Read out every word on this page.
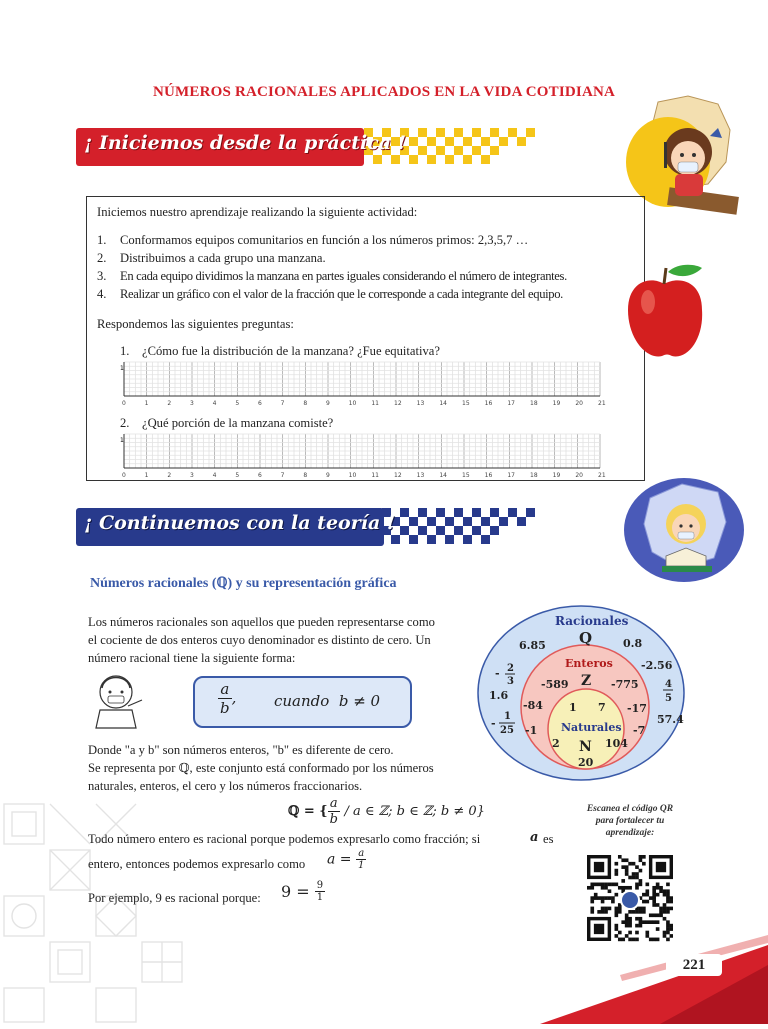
NÚMEROS RACIONALES APLICADOS EN LA VIDA COTIDIANA
¡ Iniciemos desde la práctica !
Iniciemos nuestro aprendizaje realizando la siguiente actividad:
1. Conformamos equipos comunitarios en función a los números primos: 2,3,5,7 …
2. Distribuimos a cada grupo una manzana.
3. En cada equipo dividimos la manzana en partes iguales considerando el número de integrantes.
4. Realizar un gráfico con el valor de la fracción que le corresponde a cada integrante del equipo.
Respondemos las siguientes preguntas:
1. ¿Cómo fue la distribución de la manzana? ¿Fue equitativa?
1
0	1	2	3	4	5	6	7	8	9	10	11	12	13	14	15	16	17	18	19	20	21
2. ¿Qué porción de la manzana comiste?
1
0	1	2	3	4	5	6	7	8	9	10	11	12	13	14	15	16	17	18	19	20	21
¡ Continuemos con la teoría !
Números racionales (ℚ) y su representación gráfica
Los números racionales son aquellos que pueden representarse como
el cociente de dos enteros cuyo denominador es distinto de cero. Un
número racional tiene la siguiente forma:
$\frac{a}{b}$ ,	cuando  b ≠ 0
Donde "a y b" son números enteros, "b" es diferente de cero.
Se representa por ℚ, este conjunto está conformado por los números
naturales, enteros, el cero y los números fraccionarios.
ℚ = { $\frac{a}{b}$ / a ∈ ℤ; b ∈ ℤ; b ≠ 0}
Todo número entero es racional porque podemos expresarlo como fracción; si	a es
entero, entonces podemos expresarlo como $a = \frac{a}{1}$
Por ejemplo, 9 es racional porque: $9 = \frac{9}{1}$
Racionales
Q
6.85	0.8
-2.56
1.6
57.4
- 2
3
-
1
25
4
5
Enteros
Z
-589	-775
-84	-17
-1	-7
1 7
Naturales
2 N 104
20
Escanea el código QR para fortalecer tu aprendizaje:
221
